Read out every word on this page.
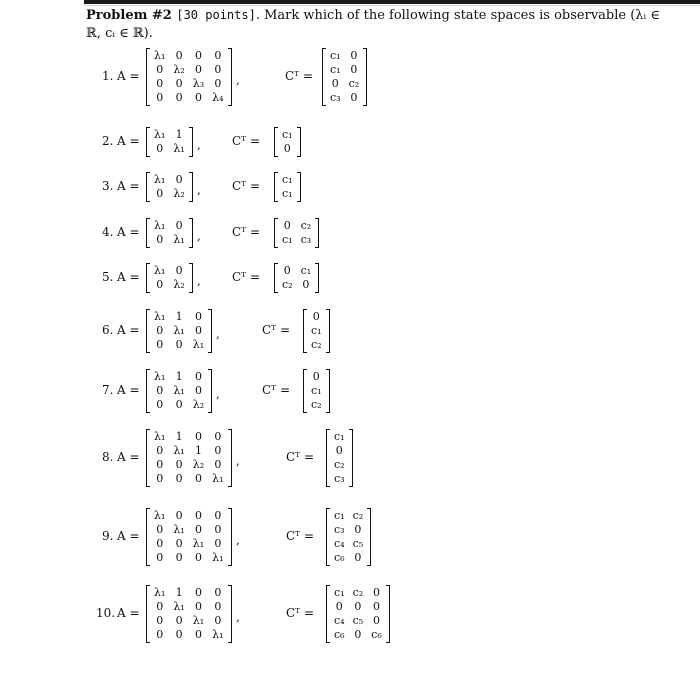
Problem #2 [30 points]. Mark which of the following state spaces is observable (λᵢ ∈
ℝ, cᵢ ∈ ℝ).
λ₁	0	0	0
0	λ₂	0	0
0	0	λ₃	0
0	0	0	λ₄
c₁	0
c₁	0
0	c₂
c₃	0
1. A =	,	Cᵀ =
λ₁	1
0	λ₁
c₁
0
2. A =	,	Cᵀ =
λ₁	0
0	λ₂
c₁
c₁
3. A =	,	Cᵀ =
λ₁	0
0	λ₁
0	c₂
c₁	c₃
4. A =	,	Cᵀ =
λ₁	0
0	λ₂
0	c₁
c₂	0
5. A =	,	Cᵀ =
λ₁	1	0
0	λ₁	0
0	0	λ₁
0
c₁
c₂
6. A =	,	Cᵀ =
λ₁	1	0
0	λ₁	0
0	0	λ₂
0
c₁
c₂
7. A =	,	Cᵀ =
λ₁	1	0	0
0	λ₁	1	0
0	0	λ₂	0
0	0	0	λ₁
c₁
0
c₂
c₃
8. A =	,	Cᵀ =
λ₁	0	0	0
0	λ₁	0	0
0	0	λ₁	0
0	0	0	λ₁
c₁	c₂
c₃	0
c₄	c₅
c₆	0
9. A =	,	Cᵀ =
λ₁	1	0	0
0	λ₁	0	0
0	0	λ₁	0
0	0	0	λ₁
c₁	c₂	0
0	0	0
c₄	c₅	0
c₆	0	c₆
10. A =	,	Cᵀ =
